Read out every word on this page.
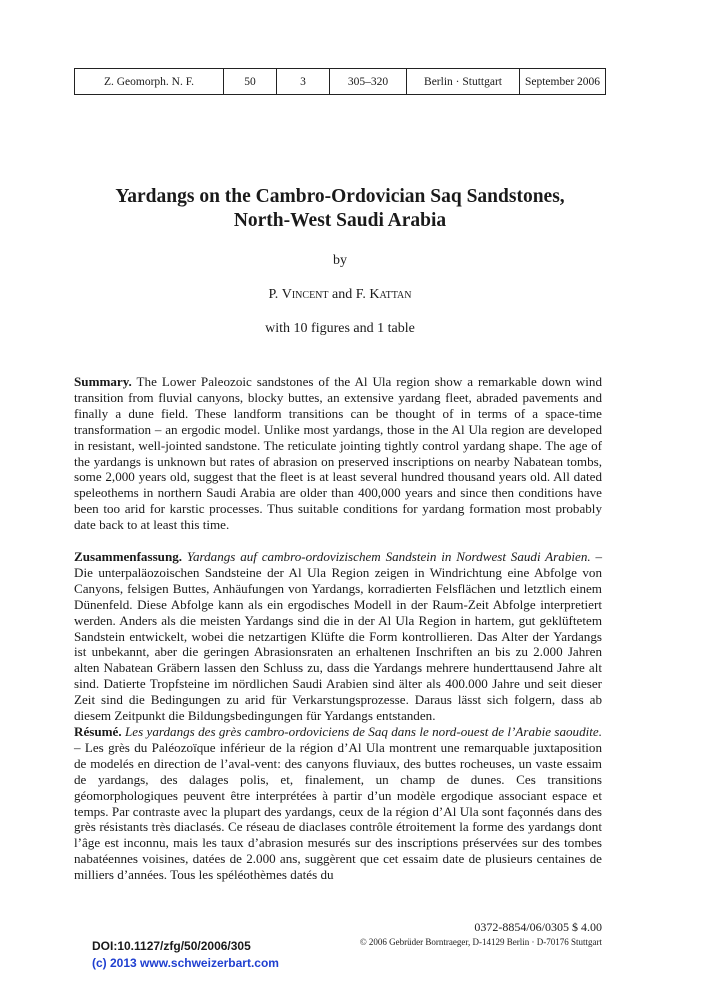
Z. Geomorph. N. F.	50	3	305–320	Berlin · Stuttgart	September 2006
Yardangs on the Cambro-Ordovician Saq Sandstones,
North-West Saudi Arabia
by
P. Vincent and F. Kattan
with 10 figures and 1 table

Summary. The Lower Paleozoic sandstones of the Al Ula region show a remarkable down wind transition from fluvial canyons, blocky buttes, an extensive yardang fleet, abraded pavements and finally a dune field. These landform transitions can be thought of in terms of a space-time transformation – an ergodic model. Unlike most yardangs, those in the Al Ula region are developed in resistant, well-jointed sandstone. The reticulate jointing tightly control yardang shape. The age of the yardangs is unknown but rates of abrasion on preserved inscriptions on nearby Nabatean tombs, some 2,000 years old, suggest that the fleet is at least several hundred thousand years old. All dated speleothems in northern Saudi Arabia are older than 400,000 years and since then conditions have been too arid for karstic processes. Thus suitable conditions for yardang formation most probably date back to at least this time.

Zusammenfassung. Yardangs auf cambro-ordovizischem Sandstein in Nordwest Saudi Arabien. – Die unterpaläozoischen Sandsteine der Al Ula Region zeigen in Windrichtung eine Abfolge von Canyons, felsigen Buttes, Anhäufungen von Yardangs, korradierten Felsflächen und letztlich einem Dünenfeld. Diese Abfolge kann als ein ergodisches Modell in der Raum-Zeit Abfolge interpretiert werden. Anders als die meisten Yardangs sind die in der Al Ula Region in hartem, gut geklüftetem Sandstein entwickelt, wobei die netzartigen Klüfte die Form kontrollieren. Das Alter der Yardangs ist unbekannt, aber die geringen Abrasionsraten an erhaltenen Inschriften an bis zu 2.000 Jahren alten Nabatean Gräbern lassen den Schluss zu, dass die Yardangs mehrere hunderttausend Jahre alt sind. Datierte Tropfsteine im nördlichen Saudi Arabien sind älter als 400.000 Jahre und seit dieser Zeit sind die Bedingungen zu arid für Verkarstungsprozesse. Daraus lässt sich folgern, dass ab diesem Zeitpunkt die Bildungsbedingungen für Yardangs entstanden.

Résumé. Les yardangs des grès cambro-ordoviciens de Saq dans le nord-ouest de l’Arabie saoudite. – Les grès du Paléozoïque inférieur de la région d’Al Ula montrent une remarquable juxtaposition de modelés en direction de l’aval-vent: des canyons fluviaux, des buttes rocheuses, un vaste essaim de yardangs, des dalages polis, et, finalement, un champ de dunes. Ces transitions géomorphologiques peuvent être interprétées à partir d’un modèle ergodique associant espace et temps. Par contraste avec la plupart des yardangs, ceux de la région d’Al Ula sont façonnés dans des grès résistants très diaclasés. Ce réseau de diaclases contrôle étroitement la forme des yardangs dont l’âge est inconnu, mais les taux d’abrasion mesurés sur des inscriptions préservées sur des tombes nabatéennes voisines, datées de 2.000 ans, suggèrent que cet essaim date de plusieurs centaines de milliers d’années. Tous les spéléothèmes datés du

0372-8854/06/0305 $ 4.00
© 2006 Gebrüder Borntraeger, D-14129 Berlin · D-70176 Stuttgart
DOI:10.1127/zfg/50/2006/305
(c) 2013 www.schweizerbart.com
